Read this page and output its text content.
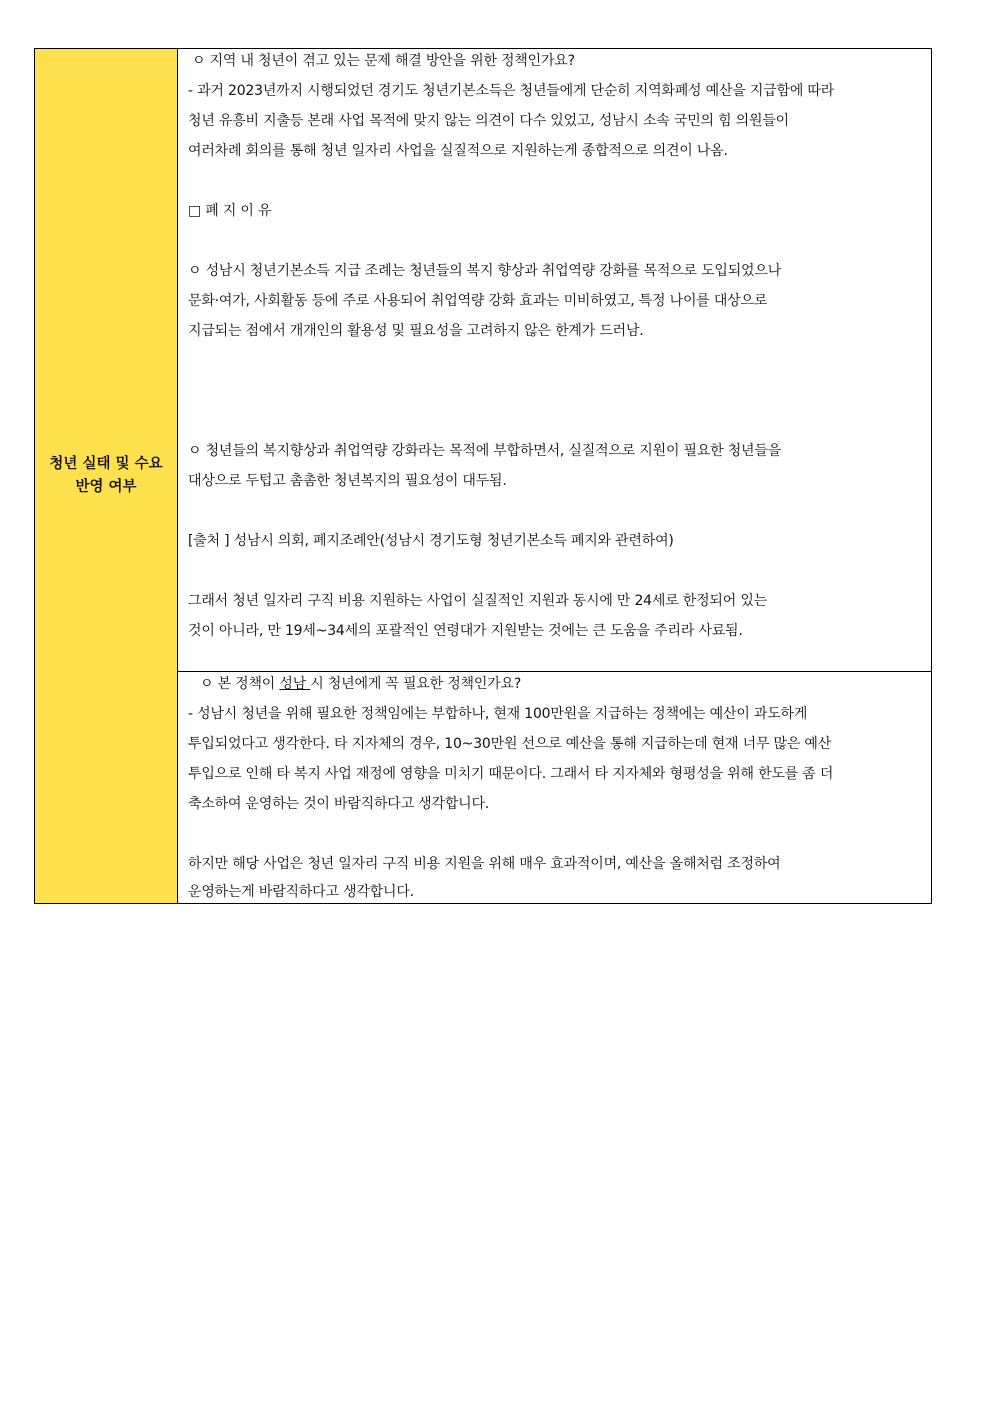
청년 실태 및 수요
반영 여부

ㅇ 지역 내 청년이 겪고 있는 문제 해결 방안을 위한 정책인가요?
- 과거 2023년까지 시행되었던 경기도 청년기본소득은 청년들에게 단순히 지역화폐성 예산을 지급함에 따라
청년 유흥비 지출등 본래 사업 목적에 맞지 않는 의견이 다수 있었고, 성남시 소속 국민의 힘 의원들이
여러차례 회의를 통해 청년 일자리 사업을 실질적으로 지원하는게 종합적으로 의견이 나옴.
□ 폐 지 이 유
ㅇ 성남시 청년기본소득 지급 조례는 청년들의 복지 향상과 취업역량 강화를 목적으로 도입되었으나
문화·여가, 사회활동 등에 주로 사용되어 취업역량 강화 효과는 미비하였고, 특정 나이를 대상으로
지급되는 점에서 개개인의 활용성 및 필요성을 고려하지 않은 한계가 드러남.
ㅇ 청년들의 복지향상과 취업역량 강화라는 목적에 부합하면서, 실질적으로 지원이 필요한 청년들을
대상으로 두텁고 촘촘한 청년복지의 필요성이 대두됨.
[출처 ] 성남시 의회, 폐지조례안(성남시 경기도형 청년기본소득 폐지와 관련하여)
그래서 청년 일자리 구직 비용 지원하는 사업이 실질적인 지원과 동시에 만 24세로 한정되어 있는
것이 아니라, 만 19세~34세의 포괄적인 연령대가 지원받는 것에는 큰 도움을 주리라 사료됨.

ㅇ 본 정책이 성남 시 청년에게 꼭 필요한 정책인가요?
- 성남시 청년을 위해 필요한 정책임에는 부합하나, 현재 100만원을 지급하는 정책에는 예산이 과도하게
투입되었다고 생각한다. 타 지자체의 경우, 10~30만원 선으로 예산을 통해 지급하는데 현재 너무 많은 예산
투입으로 인해 타 복지 사업 재정에 영향을 미치기 때문이다. 그래서 타 지자체와 형평성을 위해 한도를 좀 더
축소하여 운영하는 것이 바람직하다고 생각합니다.
하지만 해당 사업은 청년 일자리 구직 비용 지원을 위해 매우 효과적이며, 예산을 올해처럼 조정하여
운영하는게 바람직하다고 생각합니다.
